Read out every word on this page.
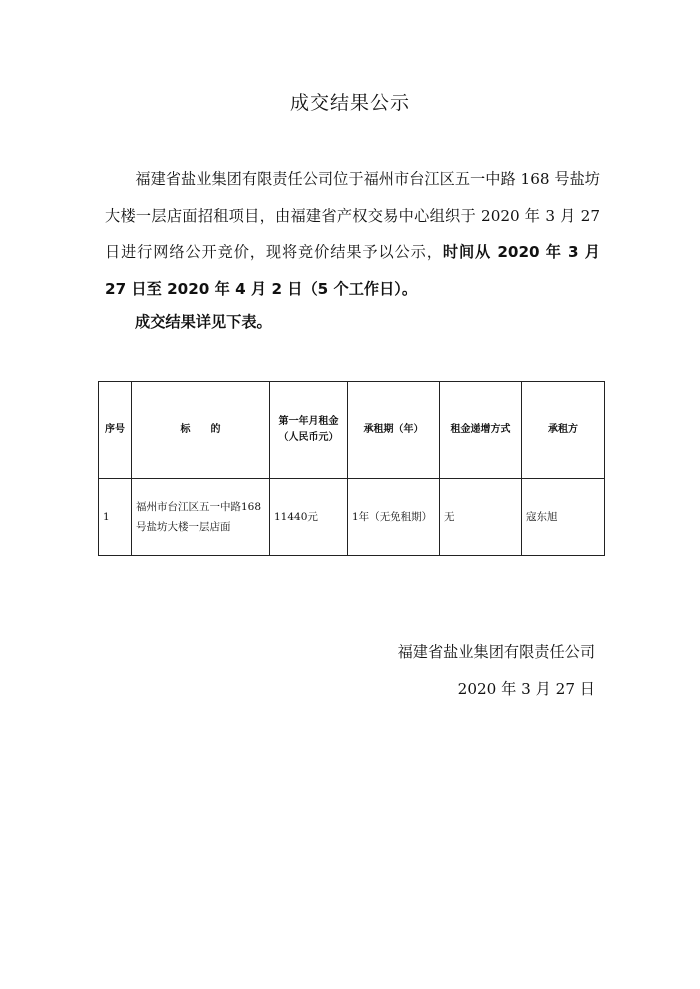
成交结果公示
福建省盐业集团有限责任公司位于福州市台江区五一中路 168 号盐坊大楼一层店面招租项目，由福建省产权交易中心组织于 2020 年 3 月 27 日进行网络公开竞价，现将竞价结果予以公示，时间从 2020 年 3 月 27 日至 2020 年 4 月 2 日（5 个工作日）。
成交结果详见下表。
序号	标　　的	第一年月租金（人民币元）	承租期（年）	租金递增方式	承租方
1	福州市台江区五一中路168号盐坊大楼一层店面	11440元	1年（无免租期）	无	寇东旭
福建省盐业集团有限责任公司
2020 年 3 月 27 日
